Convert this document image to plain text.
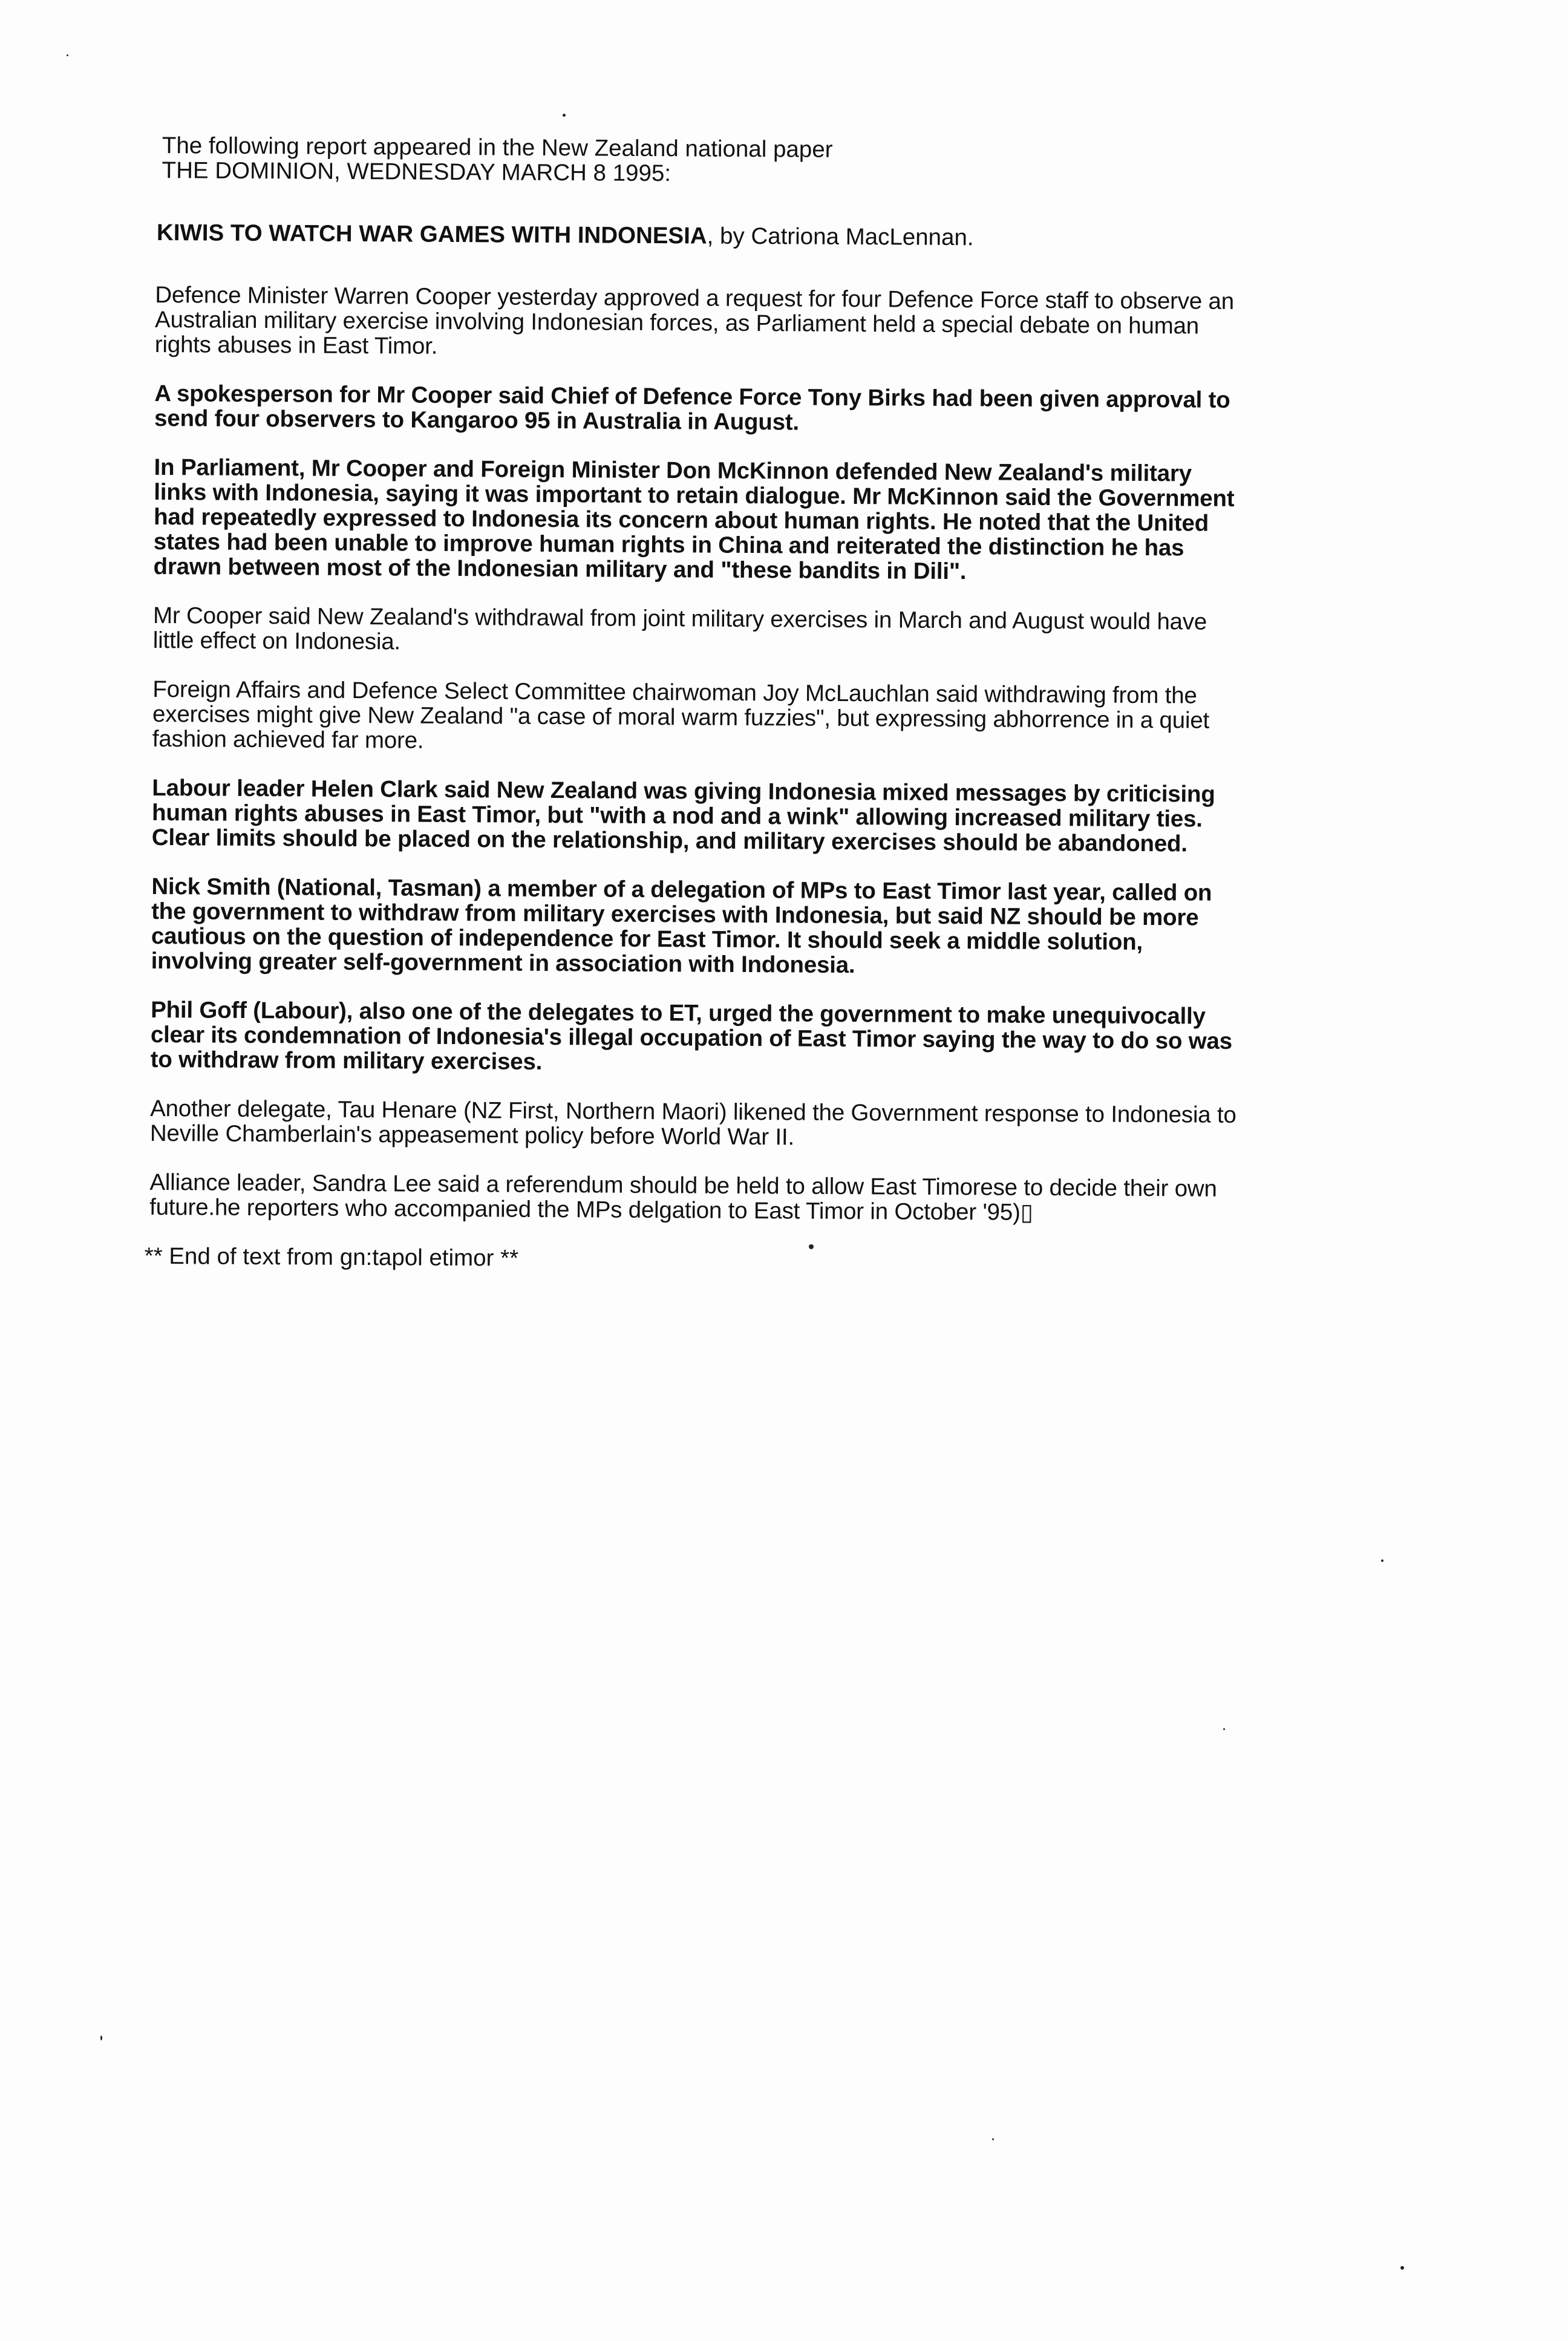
The following report appeared in the New Zealand national paper
THE DOMINION, WEDNESDAY MARCH 8 1995:
KIWIS TO WATCH WAR GAMES WITH INDONESIA, by Catriona MacLennan.

Defence Minister Warren Cooper yesterday approved a request for four Defence Force staff to observe an Australian military exercise involving Indonesian forces, as Parliament held a special debate on human rights abuses in East Timor.

A spokesperson for Mr Cooper said Chief of Defence Force Tony Birks had been given approval to send four observers to Kangaroo 95 in Australia in August.

In Parliament, Mr Cooper and Foreign Minister Don McKinnon defended New Zealand's military links with Indonesia, saying it was important to retain dialogue. Mr McKinnon said the Government had repeatedly expressed to Indonesia its concern about human rights. He noted that the United states had been unable to improve human rights in China and reiterated the distinction he has drawn between most of the Indonesian military and "these bandits in Dili".

Mr Cooper said New Zealand's withdrawal from joint military exercises in March and August would have little effect on Indonesia.

Foreign Affairs and Defence Select Committee chairwoman Joy McLauchlan said withdrawing from the exercises might give New Zealand "a case of moral warm fuzzies", but expressing abhorrence in a quiet fashion achieved far more.

Labour leader Helen Clark said New Zealand was giving Indonesia mixed messages by criticising human rights abuses in East Timor, but "with a nod and a wink" allowing increased military ties. Clear limits should be placed on the relationship, and military exercises should be abandoned.

Nick Smith (National, Tasman) a member of a delegation of MPs to East Timor last year, called on the government to withdraw from military exercises with Indonesia, but said NZ should be more cautious on the question of independence for East Timor. It should seek a middle solution, involving greater self-government in association with Indonesia.

Phil Goff (Labour), also one of the delegates to ET, urged the government to make unequivocally clear its condemnation of Indonesia's illegal occupation of East Timor saying the way to do so was to withdraw from military exercises.

Another delegate, Tau Henare (NZ First, Northern Maori) likened the Government response to Indonesia to Neville Chamberlain's appeasement policy before World War II.

Alliance leader, Sandra Lee said a referendum should be held to allow East Timorese to decide their own future.he reporters who accompanied the MPs delgation to East Timor in October '95)▯

** End of text from gn:tapol etimor **
